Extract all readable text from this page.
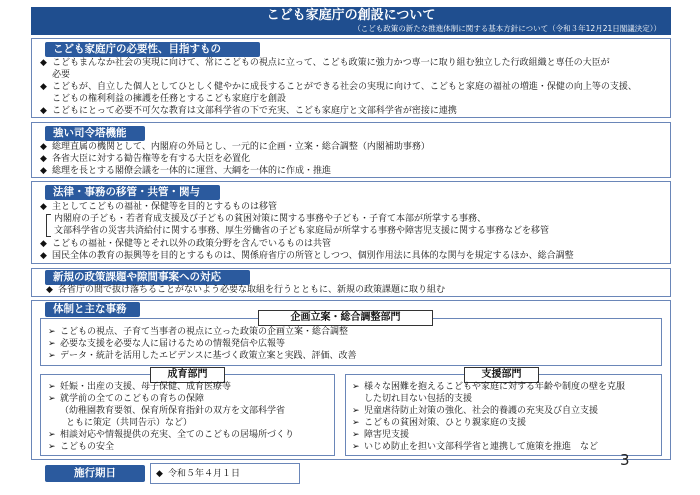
こども家庭庁の創設について
（こども政策の新たな推進体制に関する基本方針について（令和３年12月21日閣議決定））
こども家庭庁の必要性、目指すもの
◆ こどもまんなか社会の実現に向けて、常にこどもの視点に立って、こども政策に強力かつ専一に取り組む独立した行政組織と専任の大臣が
必要
◆ こどもが、自立した個人としてひとしく健やかに成長することができる社会の実現に向けて、こどもと家庭の福祉の増進・保健の向上等の支援、
こどもの権利利益の擁護を任務とするこども家庭庁を創設
◆ こどもにとって必要不可欠な教育は文部科学省の下で充実、こども家庭庁と文部科学省が密接に連携
強い司令塔機能
◆ 総理直属の機関として、内閣府の外局とし、一元的に企画・立案・総合調整（内閣補助事務）
◆ 各省大臣に対する勧告権等を有する大臣を必置化
◆ 総理を長とする閣僚会議を一体的に運営、大綱を一体的に作成・推進
法律・事務の移管・共管・関与
◆ 主としてこどもの福祉・保健等を目的とするものは移管
内閣府の子ども・若者育成支援及び子どもの貧困対策に関する事務や子ども・子育て本部が所掌する事務、
文部科学省の災害共済給付に関する事務、厚生労働省の子ども家庭局が所掌する事務や障害児支援に関する事務などを移管
◆ こどもの福祉・保健等とそれ以外の政策分野を含んでいるものは共管
◆ 国民全体の教育の振興等を目的とするものは、関係府省庁の所管としつつ、個別作用法に具体的な関与を規定するほか、総合調整
新規の政策課題や隙間事案への対応
◆ 各省庁の間で抜け落ちることがないよう必要な取組を行うとともに、新規の政策課題に取り組む
体制と主な事務
企画立案・総合調整部門
➢ こどもの視点、子育て当事者の視点に立った政策の企画立案・総合調整
➢ 必要な支援を必要な人に届けるための情報発信や広報等
➢ データ・統計を活用したエビデンスに基づく政策立案と実践、評価、改善
成育部門
➢ 妊娠・出産の支援、母子保健、成育医療等
➢ 就学前の全てのこどもの育ちの保障
（幼稚園教育要領、保育所保育指針の双方を文部科学省
ともに策定（共同告示）など）
➢ 相談対応や情報提供の充実、全てのこどもの居場所づくり
➢ こどもの安全
支援部門
➢ 様々な困難を抱えるこどもや家庭に対する年齢や制度の壁を克服
した切れ目ない包括的支援
➢ 児童虐待防止対策の強化、社会的養護の充実及び自立支援
➢ こどもの貧困対策、ひとり親家庭の支援
➢ 障害児支援
➢ いじめ防止を担い文部科学省と連携して施策を推進　など
施行期日	◆ 令和５年４月１日
3
